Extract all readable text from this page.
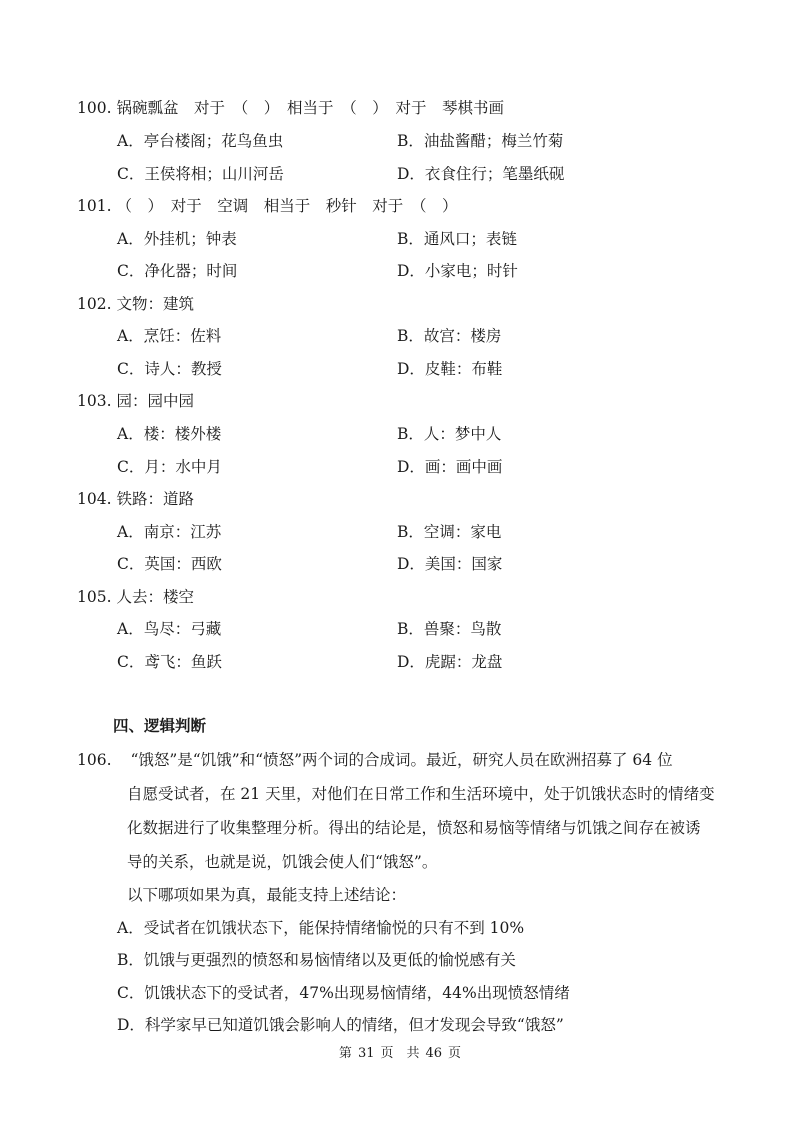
100. 锅碗瓢盆　对于　（　）　相当于　（　）　对于　琴棋书画
A．亭台楼阁；花鸟鱼虫	B．油盐酱醋；梅兰竹菊
C．王侯将相；山川河岳	D．衣食住行；笔墨纸砚
101. （　）　对于　空调　相当于　秒针　对于　（　）
A．外挂机；钟表	B．通风口；表链
C．净化器；时间	D．小家电；时针
102. 文物：建筑
A．烹饪：佐料	B．故宫：楼房
C．诗人：教授	D．皮鞋：布鞋
103. 园：园中园
A．楼：楼外楼	B．人：梦中人
C．月：水中月	D．画：画中画
104. 铁路：道路
A．南京：江苏	B．空调：家电
C．英国：西欧	D．美国：国家
105. 人去：楼空
A．鸟尽：弓藏	B．兽聚：鸟散
C．鸢飞：鱼跃	D．虎踞：龙盘
四、逻辑判断
106. “饿怒”是“饥饿”和“愤怒”两个词的合成词。最近，研究人员在欧洲招募了 64 位
自愿受试者，在 21 天里，对他们在日常工作和生活环境中，处于饥饿状态时的情绪变
化数据进行了收集整理分析。得出的结论是，愤怒和易恼等情绪与饥饿之间存在被诱
导的关系，也就是说，饥饿会使人们“饿怒”。
以下哪项如果为真，最能支持上述结论：
A．受试者在饥饿状态下，能保持情绪愉悦的只有不到 10%
B．饥饿与更强烈的愤怒和易恼情绪以及更低的愉悦感有关
C．饥饿状态下的受试者，47%出现易恼情绪，44%出现愤怒情绪
D．科学家早已知道饥饿会影响人的情绪，但才发现会导致“饿怒”
第 31 页　共 46 页
